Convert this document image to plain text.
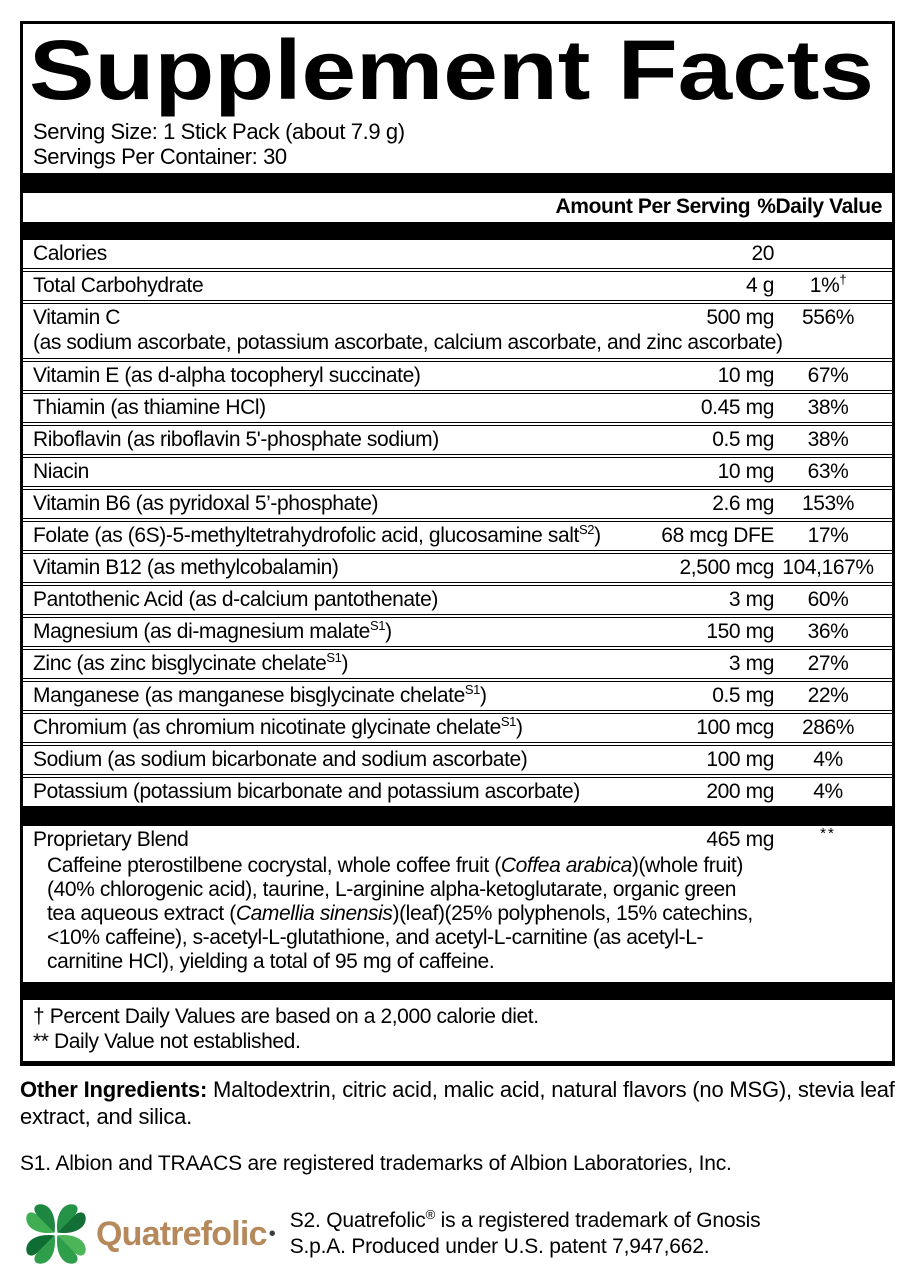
Supplement Facts
Serving Size: 1 Stick Pack (about 7.9 g)
Servings Per Container: 30
Amount Per Serving %Daily Value
Calories	20
Total Carbohydrate	4 g	1%†
Vitamin C	500 mg	556%
(as sodium ascorbate, potassium ascorbate, calcium ascorbate, and zinc ascorbate)
Vitamin E (as d-alpha tocopheryl succinate)	10 mg	67%
Thiamin (as thiamine HCl)	0.45 mg	38%
Riboflavin (as riboflavin 5'-phosphate sodium)	0.5 mg	38%
Niacin	10 mg	63%
Vitamin B6 (as pyridoxal 5’-phosphate)	2.6 mg	153%
Folate (as (6S)-5-methyltetrahydrofolic acid, glucosamine salt$^{S2}$)	68 mcg DFE	17%
Vitamin B12 (as methylcobalamin)	2,500 mcg 104,167%
Pantothenic Acid (as d-calcium pantothenate)	3 mg	60%
Magnesium (as di-magnesium malate$^{S1}$)	150 mg	36%
Zinc (as zinc bisglycinate chelate$^{S1}$)	3 mg	27%
Manganese (as manganese bisglycinate chelate$^{S1}$)	0.5 mg	22%
Chromium (as chromium nicotinate glycinate chelate$^{S1}$)	100 mcg	286%
Sodium (as sodium bicarbonate and sodium ascorbate)	100 mg	4%
Potassium (potassium bicarbonate and potassium ascorbate)	200 mg	4%
Proprietary Blend	465 mg	**
Caffeine pterostilbene cocrystal, whole coffee fruit (Coffea arabica)(whole fruit)(40% chlorogenic acid), taurine, L-arginine alpha-ketoglutarate, organic green tea aqueous extract (Camellia sinensis)(leaf)(25% polyphenols, 15% catechins, <10% caffeine), s-acetyl-L-glutathione, and acetyl-L-carnitine (as acetyl-L-carnitine HCl), yielding a total of 95 mg of caffeine.
† Percent Daily Values are based on a 2,000 calorie diet.
** Daily Value not established.
Other Ingredients: Maltodextrin, citric acid, malic acid, natural flavors (no MSG), stevia leaf extract, and silica.
S1. Albion and TRAACS are registered trademarks of Albion Laboratories, Inc.
Quatrefolic •
S2. Quatrefolic® is a registered trademark of Gnosis S.p.A. Produced under U.S. patent 7,947,662.
